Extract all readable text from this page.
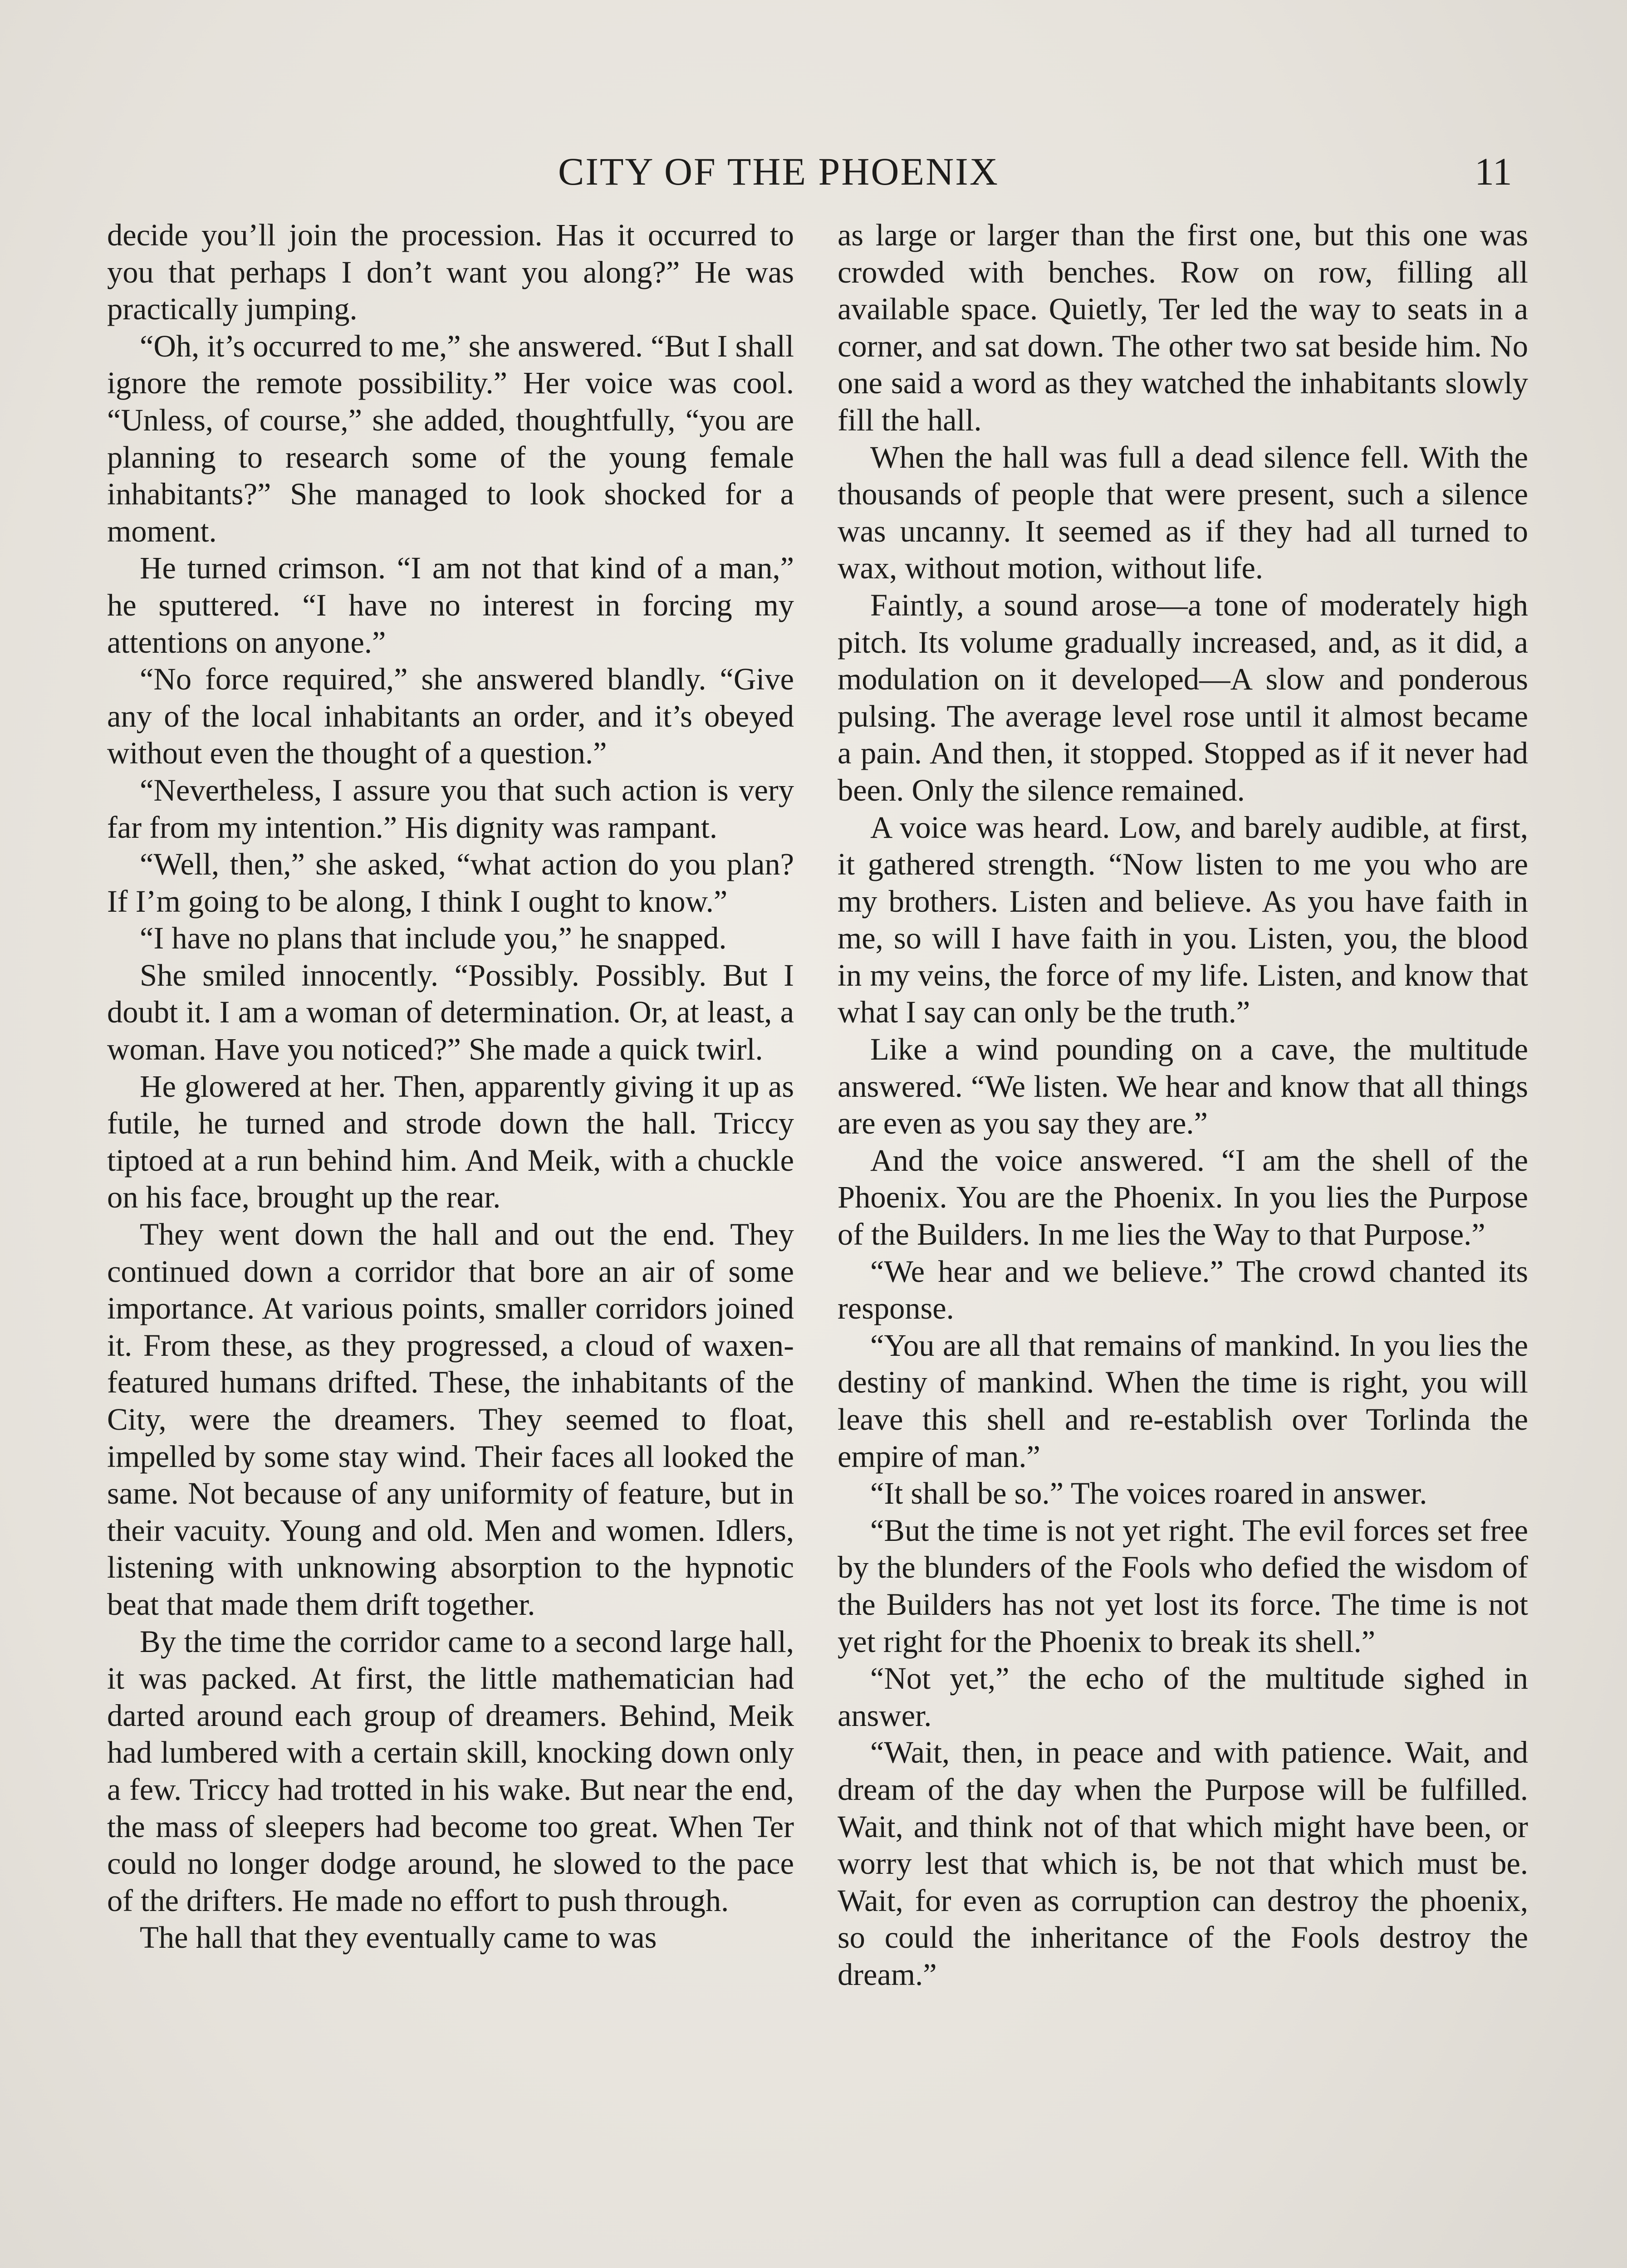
CITY OF THE PHOENIX	11

decide you’ll join the procession. Has it occurred to you that perhaps I don’t want you along?” He was practically jumping.

“Oh, it’s occurred to me,” she answered. “But I shall ignore the remote possibility.” Her voice was cool. “Unless, of course,” she added, thoughtfully, “you are planning to research some of the young female inhabitants?” She managed to look shocked for a moment.

He turned crimson. “I am not that kind of a man,” he sputtered. “I have no interest in forcing my attentions on anyone.”

“No force required,” she answered blandly. “Give any of the local inhabitants an order, and it’s obeyed without even the thought of a question.”

“Nevertheless, I assure you that such action is very far from my intention.” His dignity was rampant.

“Well, then,” she asked, “what action do you plan? If I’m going to be along, I think I ought to know.”

“I have no plans that include you,” he snapped.

She smiled innocently. “Possibly. Possibly. But I doubt it. I am a woman of determination. Or, at least, a woman. Have you noticed?” She made a quick twirl.

He glowered at her. Then, apparently giving it up as futile, he turned and strode down the hall. Triccy tiptoed at a run behind him. And Meik, with a chuckle on his face, brought up the rear.

They went down the hall and out the end. They continued down a corridor that bore an air of some importance. At various points, smaller corridors joined it. From these, as they progressed, a cloud of waxen-featured humans drifted. These, the inhabitants of the City, were the dreamers. They seemed to float, impelled by some stay wind. Their faces all looked the same. Not because of any uniformity of feature, but in their vacuity. Young and old. Men and women. Idlers, listening with unknowing absorption to the hypnotic beat that made them drift together.

By the time the corridor came to a second large hall, it was packed. At first, the little mathematician had darted around each group of dreamers. Behind, Meik had lumbered with a certain skill, knocking down only a few. Triccy had trotted in his wake. But near the end, the mass of sleepers had become too great. When Ter could no longer dodge around, he slowed to the pace of the drifters. He made no effort to push through.

The hall that they eventually came to was

as large or larger than the first one, but this one was crowded with benches. Row on row, filling all available space. Quietly, Ter led the way to seats in a corner, and sat down. The other two sat beside him. No one said a word as they watched the inhabitants slowly fill the hall.

When the hall was full a dead silence fell. With the thousands of people that were present, such a silence was uncanny. It seemed as if they had all turned to wax, without motion, without life.

Faintly, a sound arose—a tone of moderately high pitch. Its volume gradually increased, and, as it did, a modulation on it developed—A slow and ponderous pulsing. The average level rose until it almost became a pain. And then, it stopped. Stopped as if it never had been. Only the silence remained.

A voice was heard. Low, and barely audible, at first, it gathered strength. “Now listen to me you who are my brothers. Listen and believe. As you have faith in me, so will I have faith in you. Listen, you, the blood in my veins, the force of my life. Listen, and know that what I say can only be the truth.”

Like a wind pounding on a cave, the multitude answered. “We listen. We hear and know that all things are even as you say they are.”

And the voice answered. “I am the shell of the Phoenix. You are the Phoenix. In you lies the Purpose of the Builders. In me lies the Way to that Purpose.”

“We hear and we believe.” The crowd chanted its response.

“You are all that remains of mankind. In you lies the destiny of mankind. When the time is right, you will leave this shell and re-establish over Torlinda the empire of man.”

“It shall be so.” The voices roared in answer.

“But the time is not yet right. The evil forces set free by the blunders of the Fools who defied the wisdom of the Builders has not yet lost its force. The time is not yet right for the Phoenix to break its shell.”

“Not yet,” the echo of the multitude sighed in answer.

“Wait, then, in peace and with patience. Wait, and dream of the day when the Purpose will be fulfilled. Wait, and think not of that which might have been, or worry lest that which is, be not that which must be. Wait, for even as corruption can destroy the phoenix, so could the inheritance of the Fools destroy the dream.”
